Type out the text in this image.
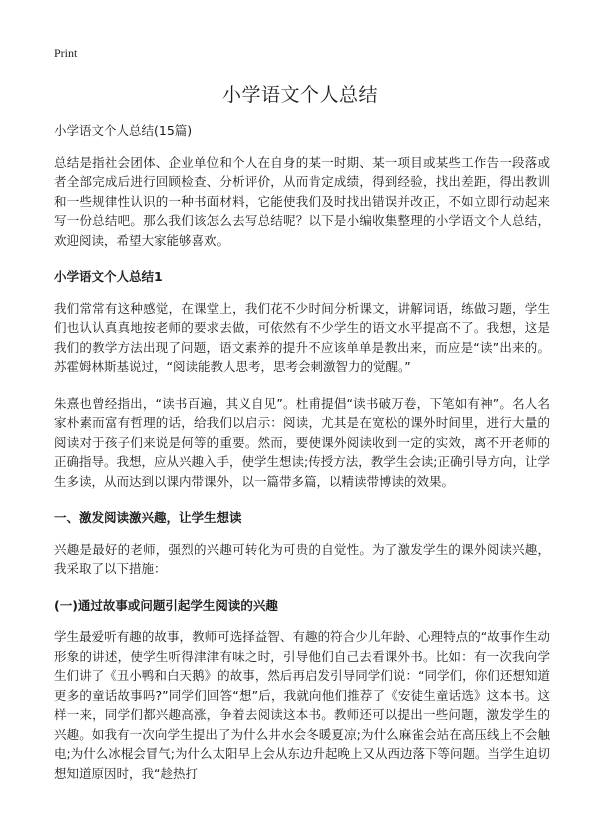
Print
小学语文个人总结

小学语文个人总结(15篇)

总结是指社会团体、企业单位和个人在自身的某一时期、某一项目或某些工作告一段落或者全部完成后进行回顾检查、分析评价，从而肯定成绩，得到经验，找出差距，得出教训和一些规律性认识的一种书面材料，它能使我们及时找出错误并改正，不如立即行动起来写一份总结吧。那么我们该怎么去写总结呢？以下是小编收集整理的小学语文个人总结，欢迎阅读，希望大家能够喜欢。

小学语文个人总结1

我们常常有这种感觉，在课堂上，我们花不少时间分析课文，讲解词语，练做习题，学生们也认认真真地按老师的要求去做，可依然有不少学生的语文水平提高不了。我想，这是我们的教学方法出现了问题，语文素养的提升不应该单单是教出来，而应是“读”出来的。苏霍姆林斯基说过，“阅读能教人思考，思考会刺激智力的觉醒。”

朱熹也曾经指出，“读书百遍，其义自见”。杜甫提倡“读书破万卷，下笔如有神”。名人名家朴素而富有哲理的话，给我们以启示：阅读，尤其是在宽松的课外时间里，进行大量的阅读对于孩子们来说是何等的重要。然而，要使课外阅读收到一定的实效，离不开老师的正确指导。我想，应从兴趣入手，使学生想读;传授方法，教学生会读;正确引导方向，让学生多读，从而达到以课内带课外，以一篇带多篇，以精读带博读的效果。

一、激发阅读激兴趣，让学生想读

兴趣是最好的老师，强烈的兴趣可转化为可贵的自觉性。为了激发学生的课外阅读兴趣，我采取了以下措施：

(一)通过故事或问题引起学生阅读的兴趣

学生最爱听有趣的故事，教师可选择益智、有趣的符合少儿年龄、心理特点的“故事作生动形象的讲述，使学生听得津津有味之时，引导他们自己去看课外书。比如：有一次我向学生们讲了《丑小鸭和白天鹅》的故事，然后再启发引导同学们说：“同学们，你们还想知道更多的童话故事吗?”同学们回答“想”后，我就向他们推荐了《安徒生童话选》这本书。这样一来，同学们都兴趣高涨，争着去阅读这本书。教师还可以提出一些问题，激发学生的兴趣。如我有一次向学生提出了为什么井水会冬暖夏凉;为什么麻雀会站在高压线上不会触电;为什么冰棍会冒气;为什么太阳早上会从东边升起晚上又从西边落下等问题。当学生迫切想知道原因时，我“趁热打
